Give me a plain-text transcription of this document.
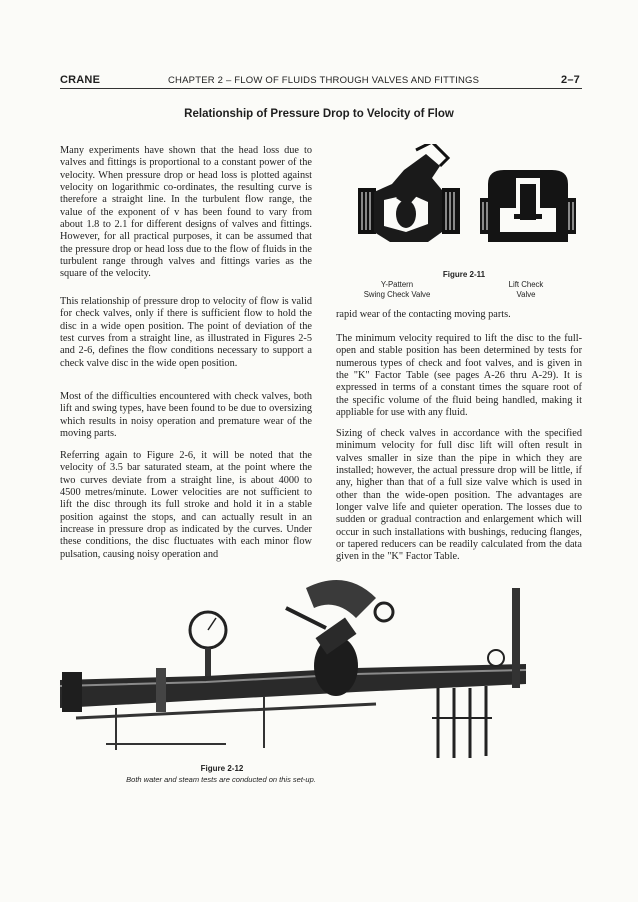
CRANE	CHAPTER 2 – FLOW OF FLUIDS THROUGH VALVES AND FITTINGS	2–7
Relationship of Pressure Drop to Velocity of Flow

Many experiments have shown that the head loss due to valves and fittings is proportional to a constant power of the velocity. When pressure drop or head loss is plotted against velocity on logarithmic co-ordinates, the resulting curve is therefore a straight line. In the turbulent flow range, the value of the exponent of v has been found to vary from about 1.8 to 2.1 for different designs of valves and fittings. However, for all practical purposes, it can be assumed that the pressure drop or head loss due to the flow of fluids in the turbulent range through valves and fittings varies as the square of the velocity.

This relationship of pressure drop to velocity of flow is valid for check valves, only if there is sufficient flow to hold the disc in a wide open position. The point of deviation of the test curves from a straight line, as illustrated in Figures 2-5 and 2-6, defines the flow conditions necessary to support a check valve disc in the wide open position.

Most of the difficulties encountered with check valves, both lift and swing types, have been found to be due to oversizing which results in noisy operation and premature wear of the moving parts.

Referring again to Figure 2-6, it will be noted that the velocity of 3.5 bar saturated steam, at the point where the two curves deviate from a straight line, is about 4000 to 4500 metres/minute. Lower velocities are not sufficient to lift the disc through its full stroke and hold it in a stable position against the stops, and can actually result in an increase in pressure drop as indicated by the curves. Under these conditions, the disc fluctuates with each minor flow pulsation, causing noisy operation and

Figure 2-11
Y-Pattern
Swing Check Valve
Lift Check
Valve

rapid wear of the contacting moving parts.

The minimum velocity required to lift the disc to the full-open and stable position has been determined by tests for numerous types of check and foot valves, and is given in the "K" Factor Table (see pages A-26 thru A-29). It is expressed in terms of a constant times the square root of the specific volume of the fluid being handled, making it appliable for use with any fluid.

Sizing of check valves in accordance with the specified minimum velocity for full disc lift will often result in valves smaller in size than the pipe in which they are installed; however, the actual pressure drop will be little, if any, higher than that of a full size valve which is used in other than the wide-open position. The advantages are longer valve life and quieter operation. The losses due to sudden or gradual contraction and enlargement which will occur in such installations with bushings, reducing flanges, or tapered reducers can be readily calculated from the data given in the "K" Factor Table.

Figure 2-12
Both water and steam tests are conducted on this set-up.
